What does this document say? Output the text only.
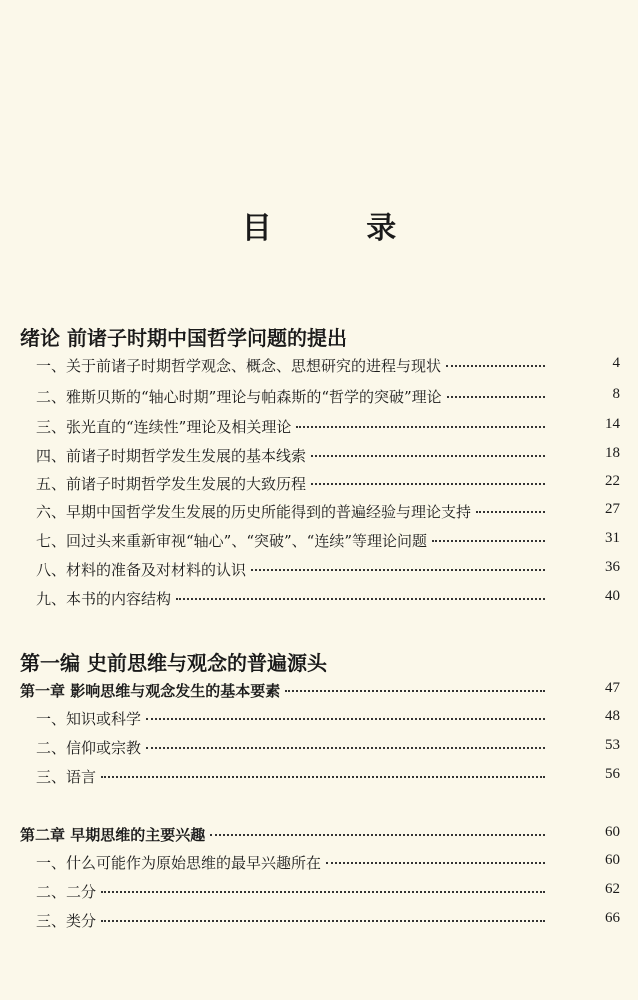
目 录
绪论 前诸子时期中国哲学问题的提出
一、关于前诸子时期哲学观念、概念、思想研究的进程与现状	4
二、雅斯贝斯的“轴心时期”理论与帕森斯的“哲学的突破”理论	8
三、张光直的“连续性”理论及相关理论	14
四、前诸子时期哲学发生发展的基本线索	18
五、前诸子时期哲学发生发展的大致历程	22
六、早期中国哲学发生发展的历史所能得到的普遍经验与理论支持	27
七、回过头来重新审视“轴心”、“突破”、“连续”等理论问题	31
八、材料的准备及对材料的认识	36
九、本书的内容结构	40
第一编 史前思维与观念的普遍源头
第一章 影响思维与观念发生的基本要素	47
一、知识或科学	48
二、信仰或宗教	53
三、语言	56
第二章 早期思维的主要兴趣	60
一、什么可能作为原始思维的最早兴趣所在	60
二、二分	62
三、类分	66
